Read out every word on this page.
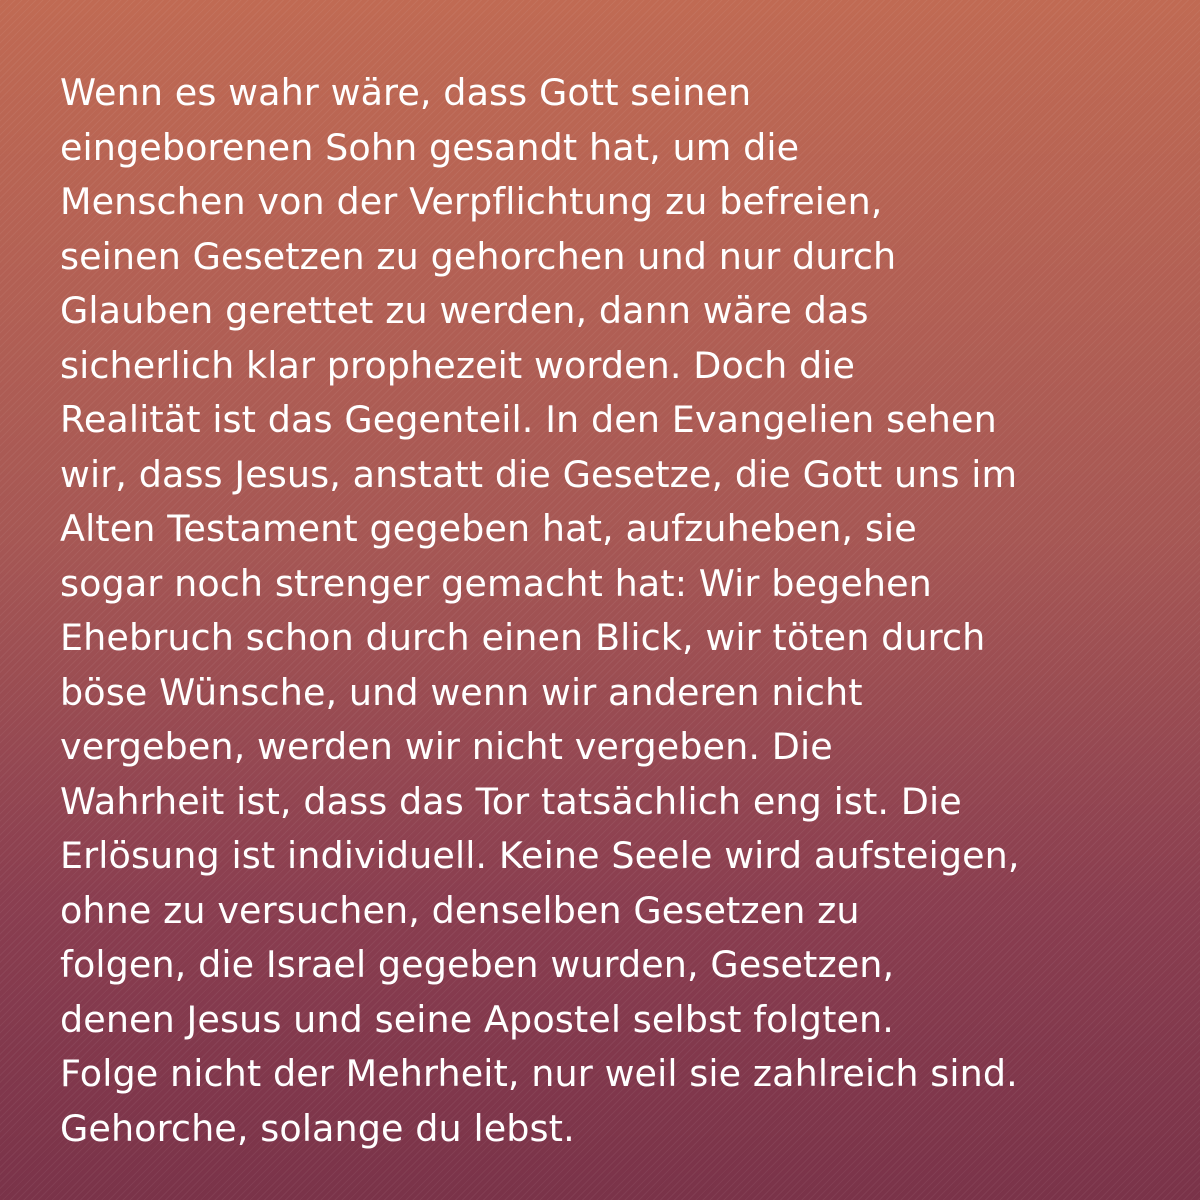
Wenn es wahr wäre, dass Gott seinen
eingeborenen Sohn gesandt hat, um die
Menschen von der Verpflichtung zu befreien,
seinen Gesetzen zu gehorchen und nur durch
Glauben gerettet zu werden, dann wäre das
sicherlich klar prophezeit worden. Doch die
Realität ist das Gegenteil. In den Evangelien sehen
wir, dass Jesus, anstatt die Gesetze, die Gott uns im
Alten Testament gegeben hat, aufzuheben, sie
sogar noch strenger gemacht hat: Wir begehen
Ehebruch schon durch einen Blick, wir töten durch
böse Wünsche, und wenn wir anderen nicht
vergeben, werden wir nicht vergeben. Die
Wahrheit ist, dass das Tor tatsächlich eng ist. Die
Erlösung ist individuell. Keine Seele wird aufsteigen,
ohne zu versuchen, denselben Gesetzen zu
folgen, die Israel gegeben wurden, Gesetzen,
denen Jesus und seine Apostel selbst folgten.
Folge nicht der Mehrheit, nur weil sie zahlreich sind.
Gehorche, solange du lebst.
